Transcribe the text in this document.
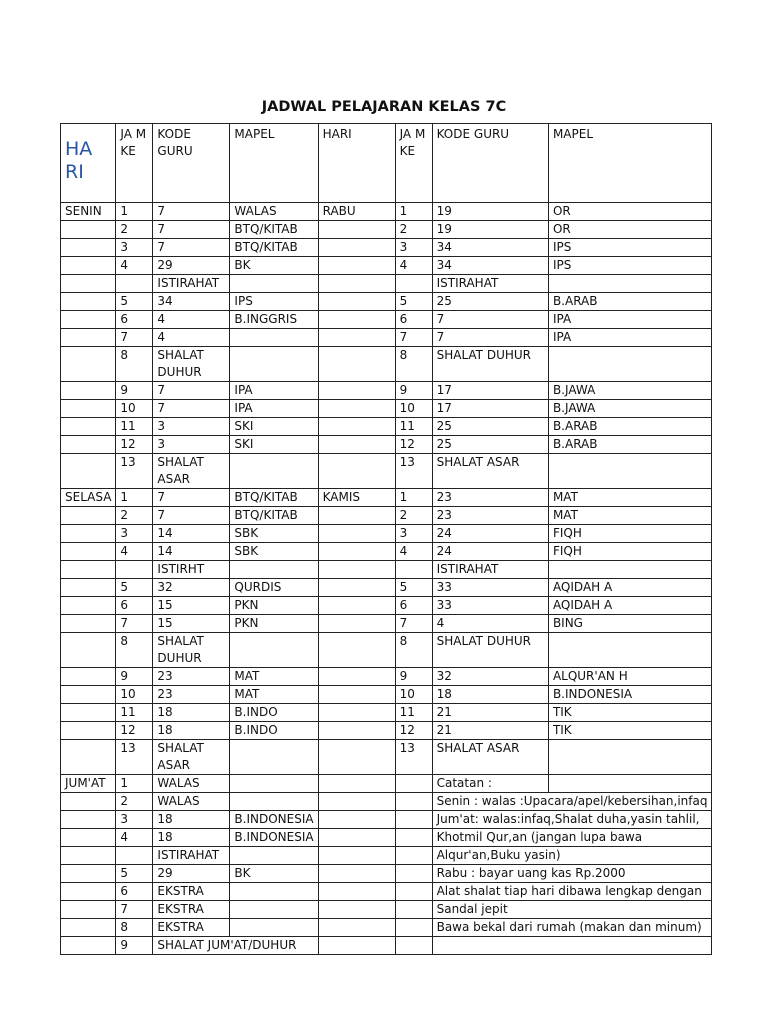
JADWAL PELAJARAN KELAS 7C
HA RI	JA M KE	KODE GURU	MAPEL	HARI	JA M KE	KODE GURU	MAPEL
SENIN	1	7	WALAS	RABU	1	19	OR
	2	7	BTQ/KITAB		2	19	OR
	3	7	BTQ/KITAB		3	34	IPS
	4	29	BK		4	34	IPS
		ISTIRAHAT				ISTIRAHAT	
	5	34	IPS		5	25	B.ARAB
	6	4	B.INGGRIS		6	7	IPA
	7	4			7	7	IPA
	8	SHALAT DUHUR			8	SHALAT DUHUR	
	9	7	IPA		9	17	B.JAWA
	10	7	IPA		10	17	B.JAWA
	11	3	SKI		11	25	B.ARAB
	12	3	SKI		12	25	B.ARAB
	13	SHALAT ASAR			13	SHALAT ASAR	
SELASA	1	7	BTQ/KITAB	KAMIS	1	23	MAT
	2	7	BTQ/KITAB		2	23	MAT
	3	14	SBK		3	24	FIQH
	4	14	SBK		4	24	FIQH
		ISTIRHT				ISTIRAHAT	
	5	32	QURDIS		5	33	AQIDAH A
	6	15	PKN		6	33	AQIDAH A
	7	15	PKN		7	4	BING
	8	SHALAT DUHUR			8	SHALAT DUHUR	
	9	23	MAT		9	32	ALQUR'AN H
	10	23	MAT		10	18	B.INDONESIA
	11	18	B.INDO		11	21	TIK
	12	18	B.INDO		12	21	TIK
	13	SHALAT ASAR			13	SHALAT ASAR	
JUM'AT	1	WALAS				Catatan :	
	2	WALAS				Senin : walas :Upacara/apel/kebersihan,infaq	
	3	18	B.INDONESIA			Jum'at: walas:infaq,Shalat duha,yasin tahlil,	
	4	18	B.INDONESIA			Khotmil Qur,an (jangan lupa bawa	
		ISTIRAHAT				Alqur'an,Buku yasin)	
	5	29	BK			Rabu : bayar uang kas Rp.2000	
	6	EKSTRA				Alat shalat tiap hari dibawa lengkap dengan	
	7	EKSTRA				Sandal jepit	
	8	EKSTRA				Bawa bekal dari rumah (makan dan minum)	
	9	SHALAT JUM'AT/DUHUR					
